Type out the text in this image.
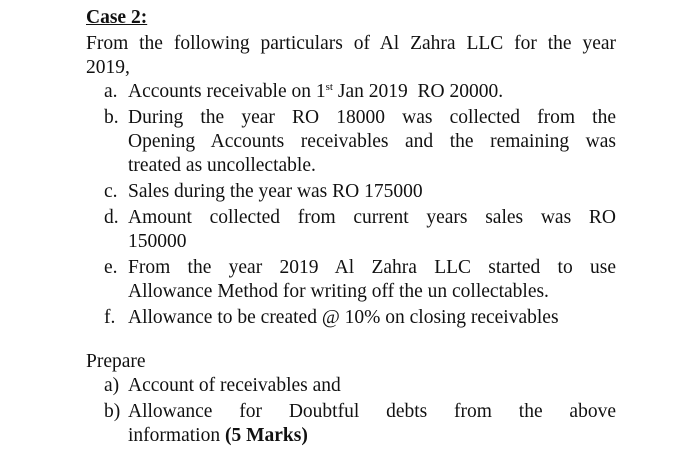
Case 2:
From the following particulars of Al Zahra LLC for the year
2019,
a. Accounts receivable on 1st Jan 2019  RO 20000.
b. During the year RO 18000 was collected from the
Opening Accounts receivables and the remaining was
treated as uncollectable.
c. Sales during the year was RO 175000
d. Amount collected from current years sales was RO
150000
e. From the year 2019 Al Zahra LLC started to use
Allowance Method for writing off the un collectables.
f. Allowance to be created @ 10% on closing receivables
Prepare
a) Account of receivables and
b) Allowance for Doubtful debts from the above
information (5 Marks)
